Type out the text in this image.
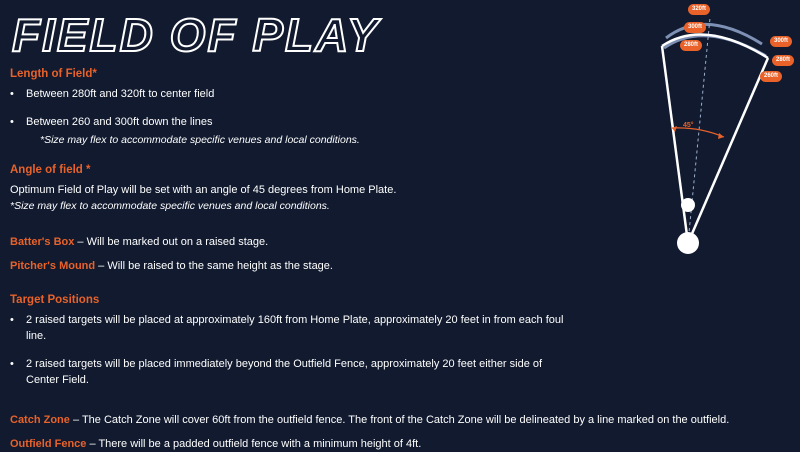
FIELD OF PLAY
Length of Field*
•	Between 280ft and 320ft to center field
•	Between 260 and 300ft down the lines
*Size may flex to accommodate specific venues and local conditions.
Angle of field *

Optimum Field of Play will be set with an angle of 45 degrees from Home Plate.

*Size may flex to accommodate specific venues and local conditions.

Batter's Box – Will be marked out on a raised stage.

Pitcher's Mound – Will be raised to the same height as the stage.

Target Positions
•	2 raised targets will be placed at approximately 160ft from Home Plate, approximately 20 feet in from each foul line.
•	2 raised targets will be placed immediately beyond the Outfield Fence, approximately 20 feet either side of Center Field.

Catch Zone – The Catch Zone will cover 60ft from the outfield fence. The front of the Catch Zone will be delineated by a line marked on the outfield.

Outfield Fence – There will be a padded outfield fence with a minimum height of 4ft.

45°
320ft
300ft
280ft
300ft
280ft
260ft
